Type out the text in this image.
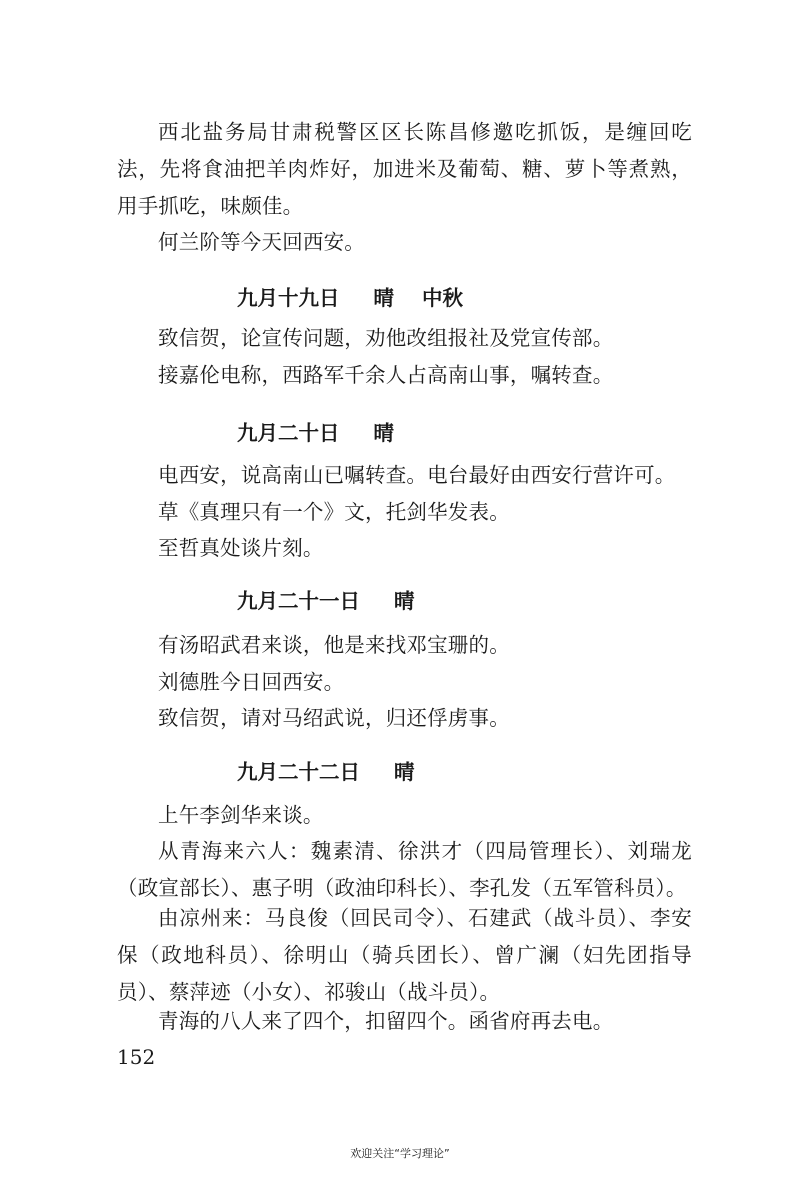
西北盐务局甘肃税警区区长陈昌修邀吃抓饭，是缠回吃法，先将食油把羊肉炸好，加进米及葡萄、糖、萝卜等煮熟，用手抓吃，味颇佳。
何兰阶等今天回西安。
九月十九日 晴 中秋
致信贺，论宣传问题，劝他改组报社及党宣传部。
接嘉伦电称，西路军千余人占高南山事，嘱转查。
九月二十日 晴
电西安，说高南山已嘱转查。电台最好由西安行营许可。
草《真理只有一个》文，托剑华发表。
至哲真处谈片刻。
九月二十一日 晴
有汤昭武君来谈，他是来找邓宝珊的。
刘德胜今日回西安。
致信贺，请对马绍武说，归还俘虏事。
九月二十二日 晴
上午李剑华来谈。
从青海来六人：魏素清、徐洪才（四局管理长）、刘瑞龙（政宣部长）、惠子明（政油印科长）、李孔发（五军管科员）。
由凉州来：马良俊（回民司令）、石建武（战斗员）、李安保（政地科员）、徐明山（骑兵团长）、曾广澜（妇先团指导员）、蔡萍迹（小女）、祁骏山（战斗员）。
青海的八人来了四个，扣留四个。函省府再去电。
152
欢迎关注“学习理论”
